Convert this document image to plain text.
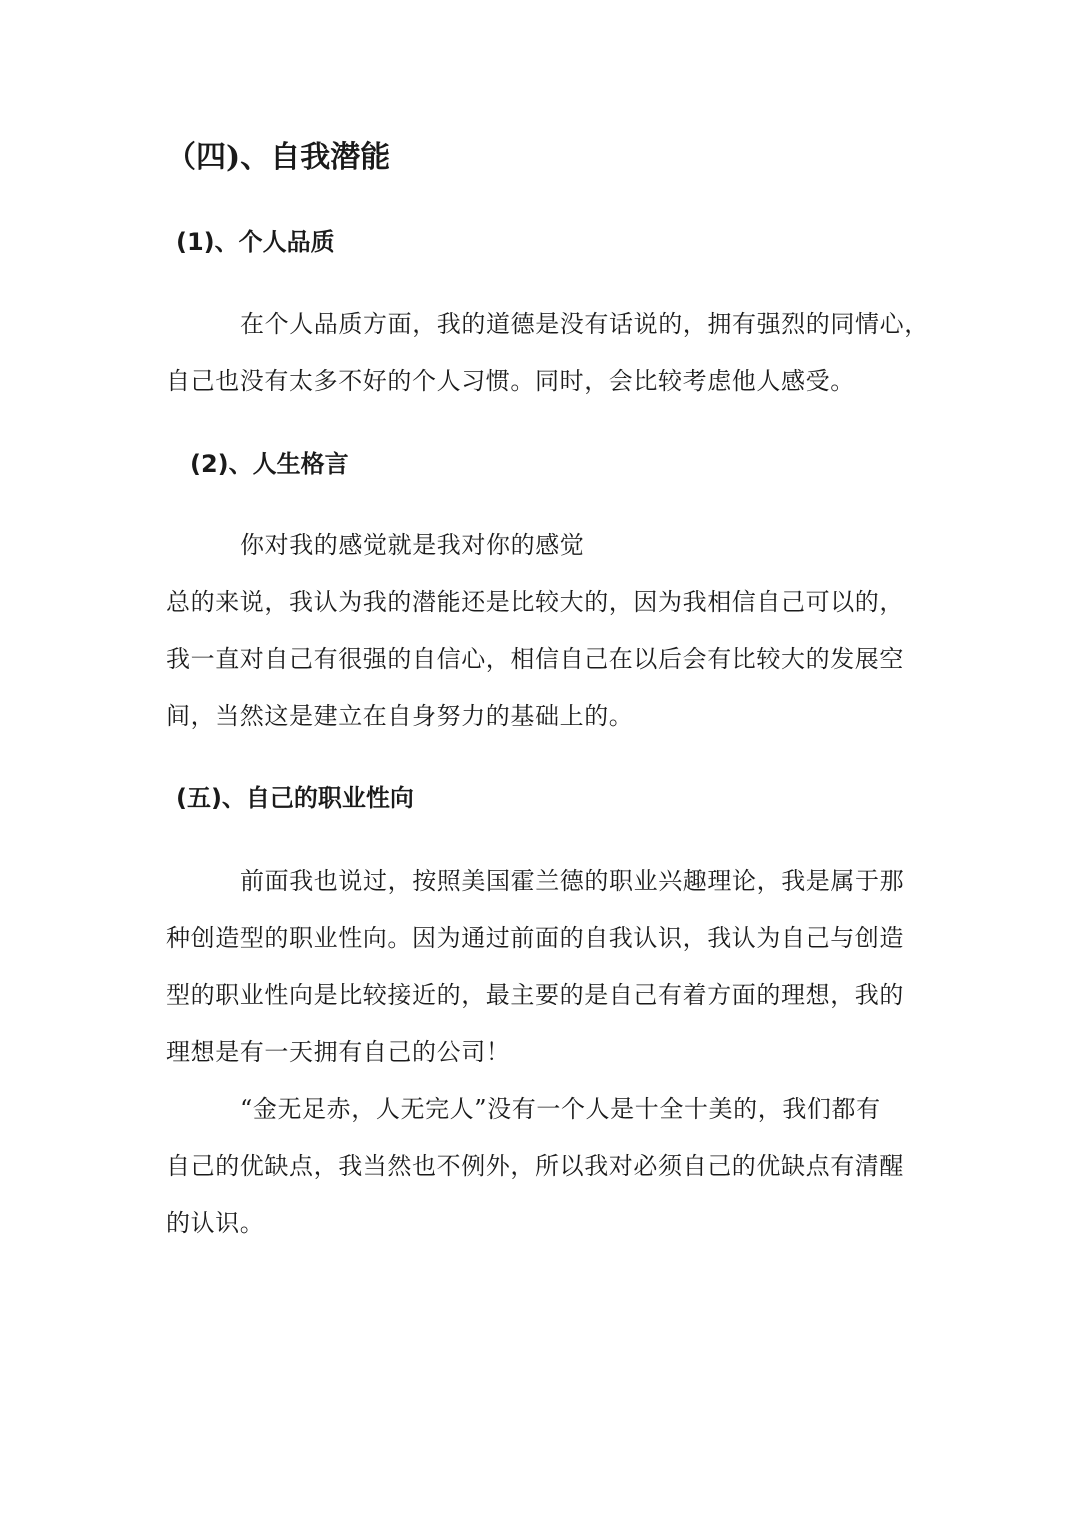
（四)、自我潜能
(1)、个人品质

在个人品质方面，我的道德是没有话说的，拥有强烈的同情心，

自己也没有太多不好的个人习惯。同时，会比较考虑他人感受。

(2)、人生格言

你对我的感觉就是我对你的感觉

总的来说，我认为我的潜能还是比较大的，因为我相信自己可以的，

我一直对自己有很强的自信心，相信自己在以后会有比较大的发展空

间，当然这是建立在自身努力的基础上的。

(五)、自己的职业性向

前面我也说过，按照美国霍兰德的职业兴趣理论，我是属于那

种创造型的职业性向。因为通过前面的自我认识，我认为自己与创造

型的职业性向是比较接近的，最主要的是自己有着方面的理想，我的

理想是有一天拥有自己的公司！

“金无足赤，人无完人”没有一个人是十全十美的，我们都有

自己的优缺点，我当然也不例外，所以我对必须自己的优缺点有清醒

的认识。
